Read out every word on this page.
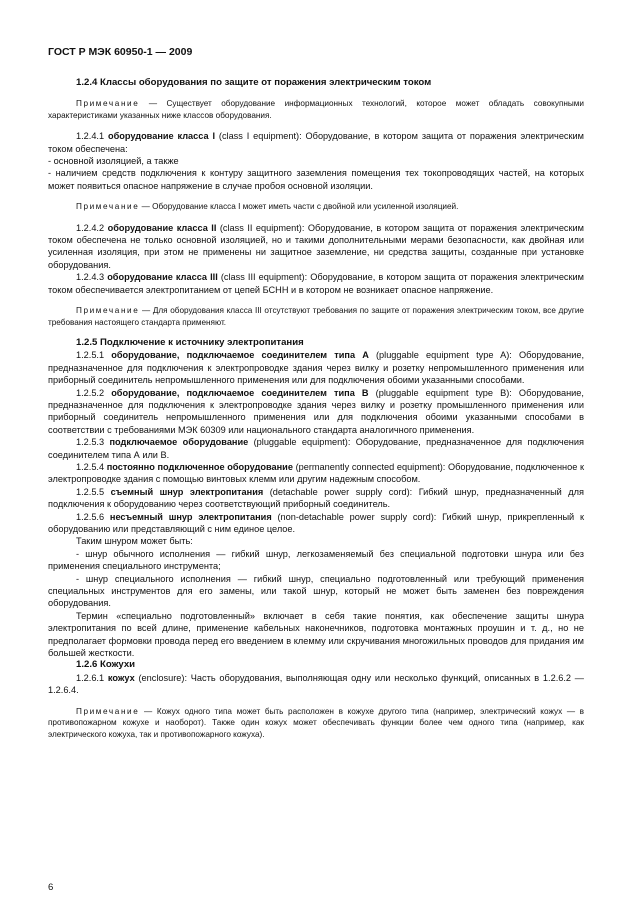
ГОСТ Р МЭК 60950-1 — 2009

1.2.4 Классы оборудования по защите от поражения электрическим током

Примечание — Существует оборудование информационных технологий, которое может обладать совокупными характеристиками указанных ниже классов оборудования.

1.2.4.1 оборудование класса I (class I equipment): Оборудование, в котором защита от поражения электрическим током обеспечена:

- основной изоляцией, а также

- наличием средств подключения к контуру защитного заземления помещения тех токопроводящих частей, на которых может появиться опасное напряжение в случае пробоя основной изоляции.

Примечание — Оборудование класса I может иметь части с двойной или усиленной изоляцией.

1.2.4.2 оборудование класса II (class II equipment): Оборудование, в котором защита от поражения электрическим током обеспечена не только основной изоляцией, но и такими дополнительными мерами безопасности, как двойная или усиленная изоляция, при этом не применены ни защитное заземление, ни средства защиты, созданные при установке оборудования.

1.2.4.3 оборудование класса III (class III equipment): Оборудование, в котором защита от поражения электрическим током обеспечивается электропитанием от цепей БСНН и в котором не возникает опасное напряжение.

Примечание — Для оборудования класса III отсутствуют требования по защите от поражения электрическим током, все другие требования настоящего стандарта применяют.

1.2.5 Подключение к источнику электропитания

1.2.5.1 оборудование, подключаемое соединителем типа А (pluggable equipment type A): Оборудование, предназначенное для подключения к электропроводке здания через вилку и розетку непромышленного применения или приборный соединитель непромышленного применения или для подключения обоими указанными способами.

1.2.5.2 оборудование, подключаемое соединителем типа В (pluggable equipment type B): Оборудование, предназначенное для подключения к электропроводке здания через вилку и розетку промышленного применения или приборный соединитель непромышленного применения или для подключения обоими указанными способами в соответствии с требованиями МЭК 60309 или национального стандарта аналогичного применения.

1.2.5.3 подключаемое оборудование (pluggable equipment): Оборудование, предназначенное для подключения соединителем типа А или В.

1.2.5.4 постоянно подключенное оборудование (permanently connected equipment): Оборудование, подключенное к электропроводке здания с помощью винтовых клемм или другим надежным способом.

1.2.5.5 съемный шнур электропитания (detachable power supply cord): Гибкий шнур, предназначенный для подключения к оборудованию через соответствующий приборный соединитель.

1.2.5.6 несъемный шнур электропитания (non-detachable power supply cord): Гибкий шнур, прикрепленный к оборудованию или представляющий с ним единое целое.

Таким шнуром может быть:

- шнур обычного исполнения — гибкий шнур, легкозаменяемый без специальной подготовки шнура или без применения специального инструмента;

- шнур специального исполнения — гибкий шнур, специально подготовленный или требующий применения специальных инструментов для его замены, или такой шнур, который не может быть заменен без повреждения оборудования.

Термин «специально подготовленный» включает в себя такие понятия, как обеспечение защиты шнура электропитания по всей длине, применение кабельных наконечников, подготовка монтажных проушин и т. д., но не предполагает формовки провода перед его введением в клемму или скручивания многожильных проводов для придания им большей жесткости.

1.2.6 Кожухи

1.2.6.1 кожух (enclosure): Часть оборудования, выполняющая одну или несколько функций, описанных в 1.2.6.2 — 1.2.6.4.

Примечание — Кожух одного типа может быть расположен в кожухе другого типа (например, электрический кожух — в противопожарном кожухе и наоборот). Также один кожух может обеспечивать функции более чем одного типа (например, как электрического кожуха, так и противопожарного кожуха).

6
